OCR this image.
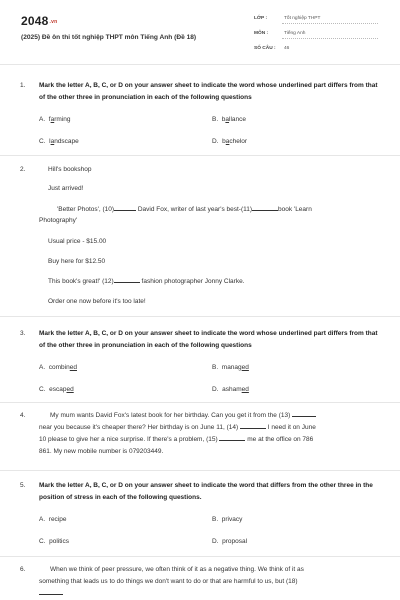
2048.vn
(2025) Đề ôn thi tốt nghiệp THPT môn Tiếng Anh (Đề 18)
LỚP :	Tốt nghiệp THPT
MÔN :	Tiếng Anh
SỐ CÂU : 46
1. Mark the letter A, B, C, or D on your answer sheet to indicate the word whose underlined part differs from that of the other three in pronunciation in each of the following questions
A. farming	B. ballance
C. landscape	D. bachelor
2.	Hill's bookshop
Just arrived!
'Better Photos', (10)	David Fox, writer of last year's best-(11)	book 'Learn
Photography'
Usual price - $15.00
Buy here for $12.50
This book's great!' (12)	fashion photographer Jonny Clarke.
Order one now before it's too late!
3. Mark the letter A, B, C, or D on your answer sheet to indicate the word whose underlined part differs from that of the other three in pronunciation in each of the following questions
A. combined	B. managed
C. escaped	D. ashamed
4.	My mum wants David Fox's latest book for her birthday. Can you get it from the (13)
near you because it's cheaper there? Her birthday is on June 11, (14)	I need it on June
10 please to give her a nice surprise. If there's a problem, (15)	me at the office on 786
861. My new mobile number is 079203449.
5. Mark the letter A, B, C, or D on your answer sheet to indicate the word that differs from the other three in the position of stress in each of the following questions.
A. recipe	B. privacy
C. politics	D. proposal
6.	When we think of peer pressure, we often think of it as a negative thing. We think of it as
something that leads us to do things we don't want to do or that are harmful to us, but (18)
